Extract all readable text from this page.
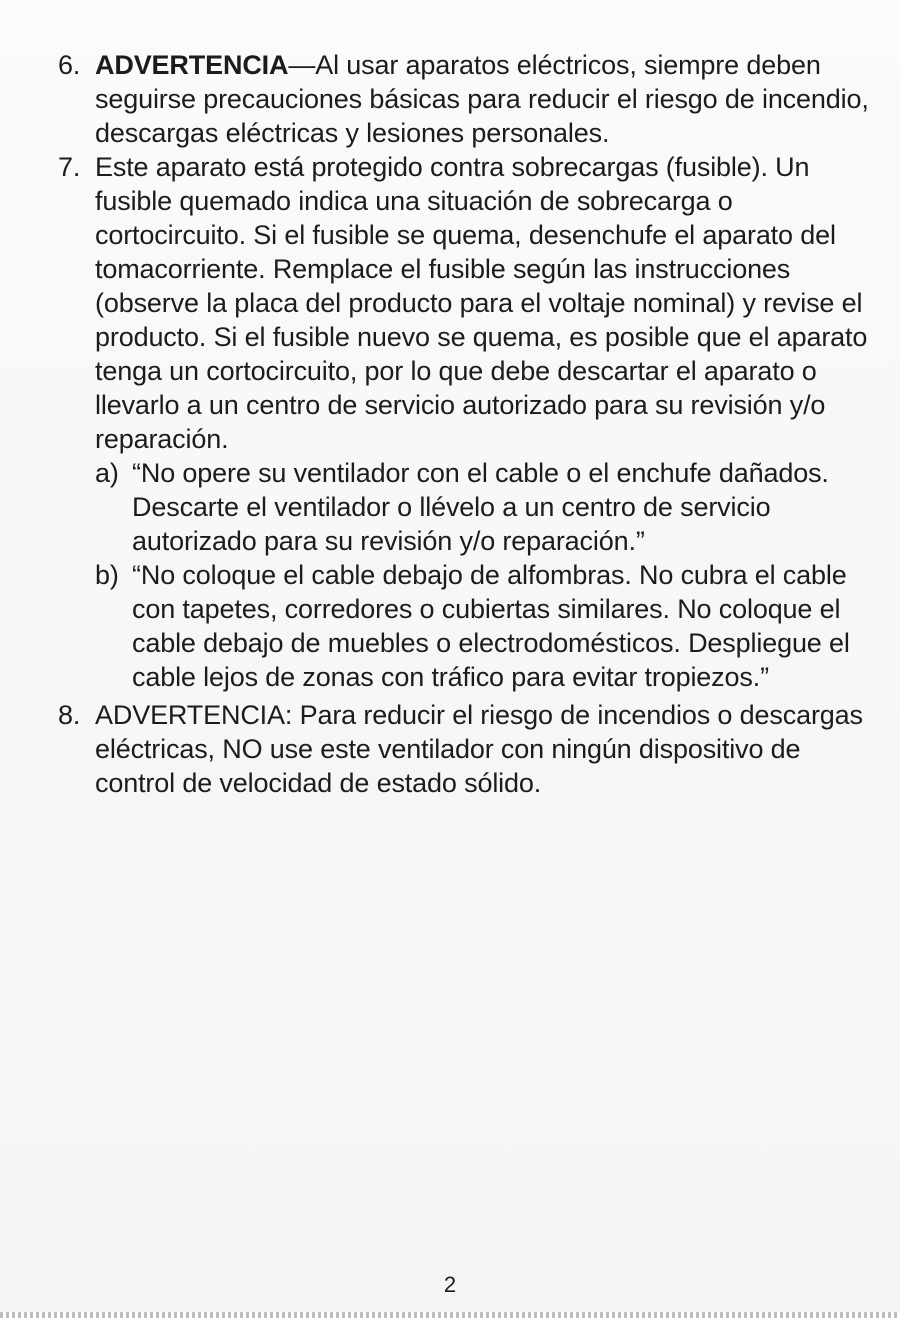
6. ADVERTENCIA—Al usar aparatos eléctricos, siempre deben seguirse precauciones básicas para reducir el riesgo de incendio, descargas eléctricas y lesiones personales.
7. Este aparato está protegido contra sobrecargas (fusible). Un fusible quemado indica una situación de sobrecarga o cortocircuito. Si el fusible se quema, desenchufe el aparato del tomacorriente. Remplace el fusible según las instrucciones (observe la placa del producto para el voltaje nominal) y revise el producto. Si el fusible nuevo se quema, es posible que el aparato tenga un cortocircuito, por lo que debe descartar el aparato o llevarlo a un centro de servicio autorizado para su revisión y/o reparación.
a) “No opere su ventilador con el cable o el enchufe dañados. Descarte el ventilador o llévelo a un centro de servicio autorizado para su revisión y/o reparación.”
b) “No coloque el cable debajo de alfombras. No cubra el cable con tapetes, corredores o cubiertas similares. No coloque el cable debajo de muebles o electrodomésticos. Despliegue el cable lejos de zonas con tráfico para evitar tropiezos.”
8. ADVERTENCIA: Para reducir el riesgo de incendios o descargas eléctricas, NO use este ventilador con ningún dispositivo de control de velocidad de estado sólido.
2
